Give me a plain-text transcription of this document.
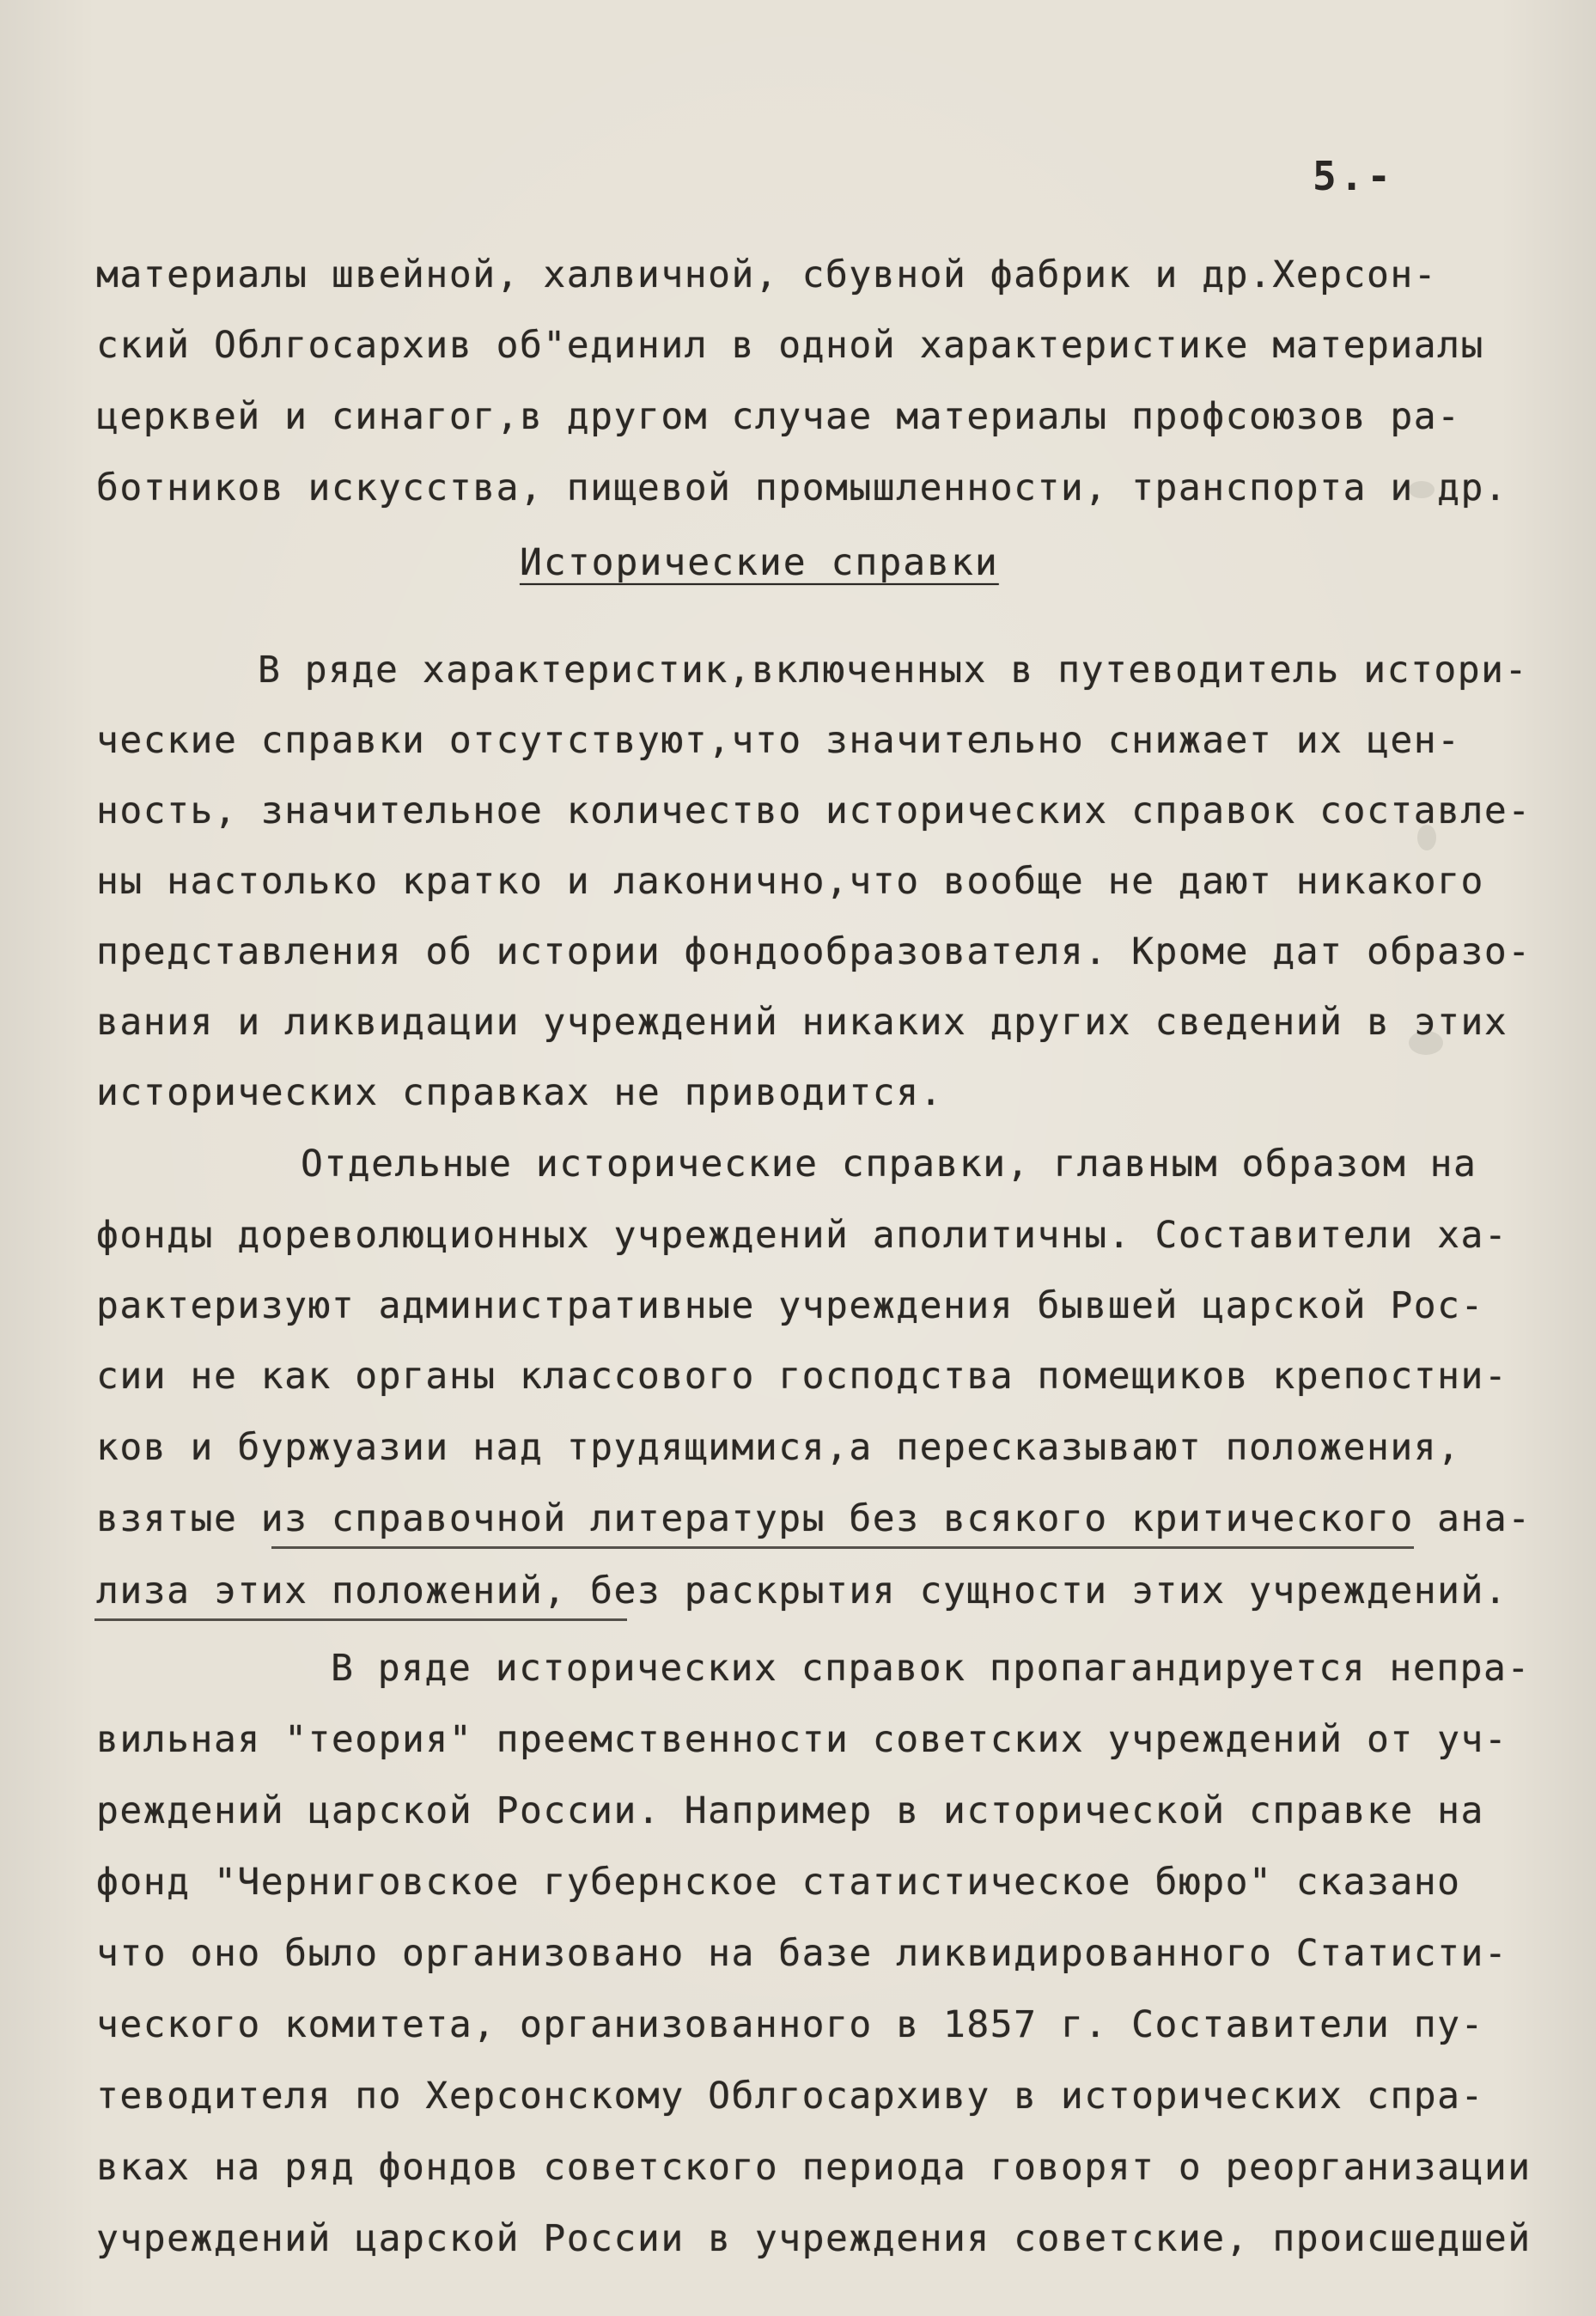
5.-
материалы швейной, халвичной, сбувной фабрик и др.Херсон-
ский Облгосархив об"единил в одной характеристике материалы
церквей и синагог,в другом случае материалы профсоюзов ра-
ботников искусства, пищевой промышленности, транспорта и др.
Исторические справки
В ряде характеристик,включенных в путеводитель истори-
ческие справки отсутствуют,что значительно снижает их цен-
ность, значительное количество исторических справок составле-
ны настолько кратко и лаконично,что вообще не дают никакого
представления об истории фондообразователя. Кроме дат образо-
вания и ликвидации учреждений никаких других сведений в этих
исторических справках не приводится.
Отдельные исторические справки, главным образом на
фонды дореволюционных учреждений аполитичны. Составители ха-
рактеризуют административные учреждения бывшей царской Рос-
сии не как органы классового господства помещиков крепостни-
ков и буржуазии над трудящимися,а пересказывают положения,
взятые из справочной литературы без всякого критического ана-
лиза этих положений, без раскрытия сущности этих учреждений.
В ряде исторических справок пропагандируется непра-
вильная "теория" преемственности советских учреждений от уч-
реждений царской России. Например в исторической справке на
фонд "Черниговское губернское статистическое бюро" сказано
что оно было организовано на базе ликвидированного Статисти-
ческого комитета, организованного в 1857 г. Составители пу-
теводителя по Херсонскому Облгосархиву в исторических спра-
вках на ряд фондов советского периода говорят о реорганизации
учреждений царской России в учреждения советские, происшедшей
